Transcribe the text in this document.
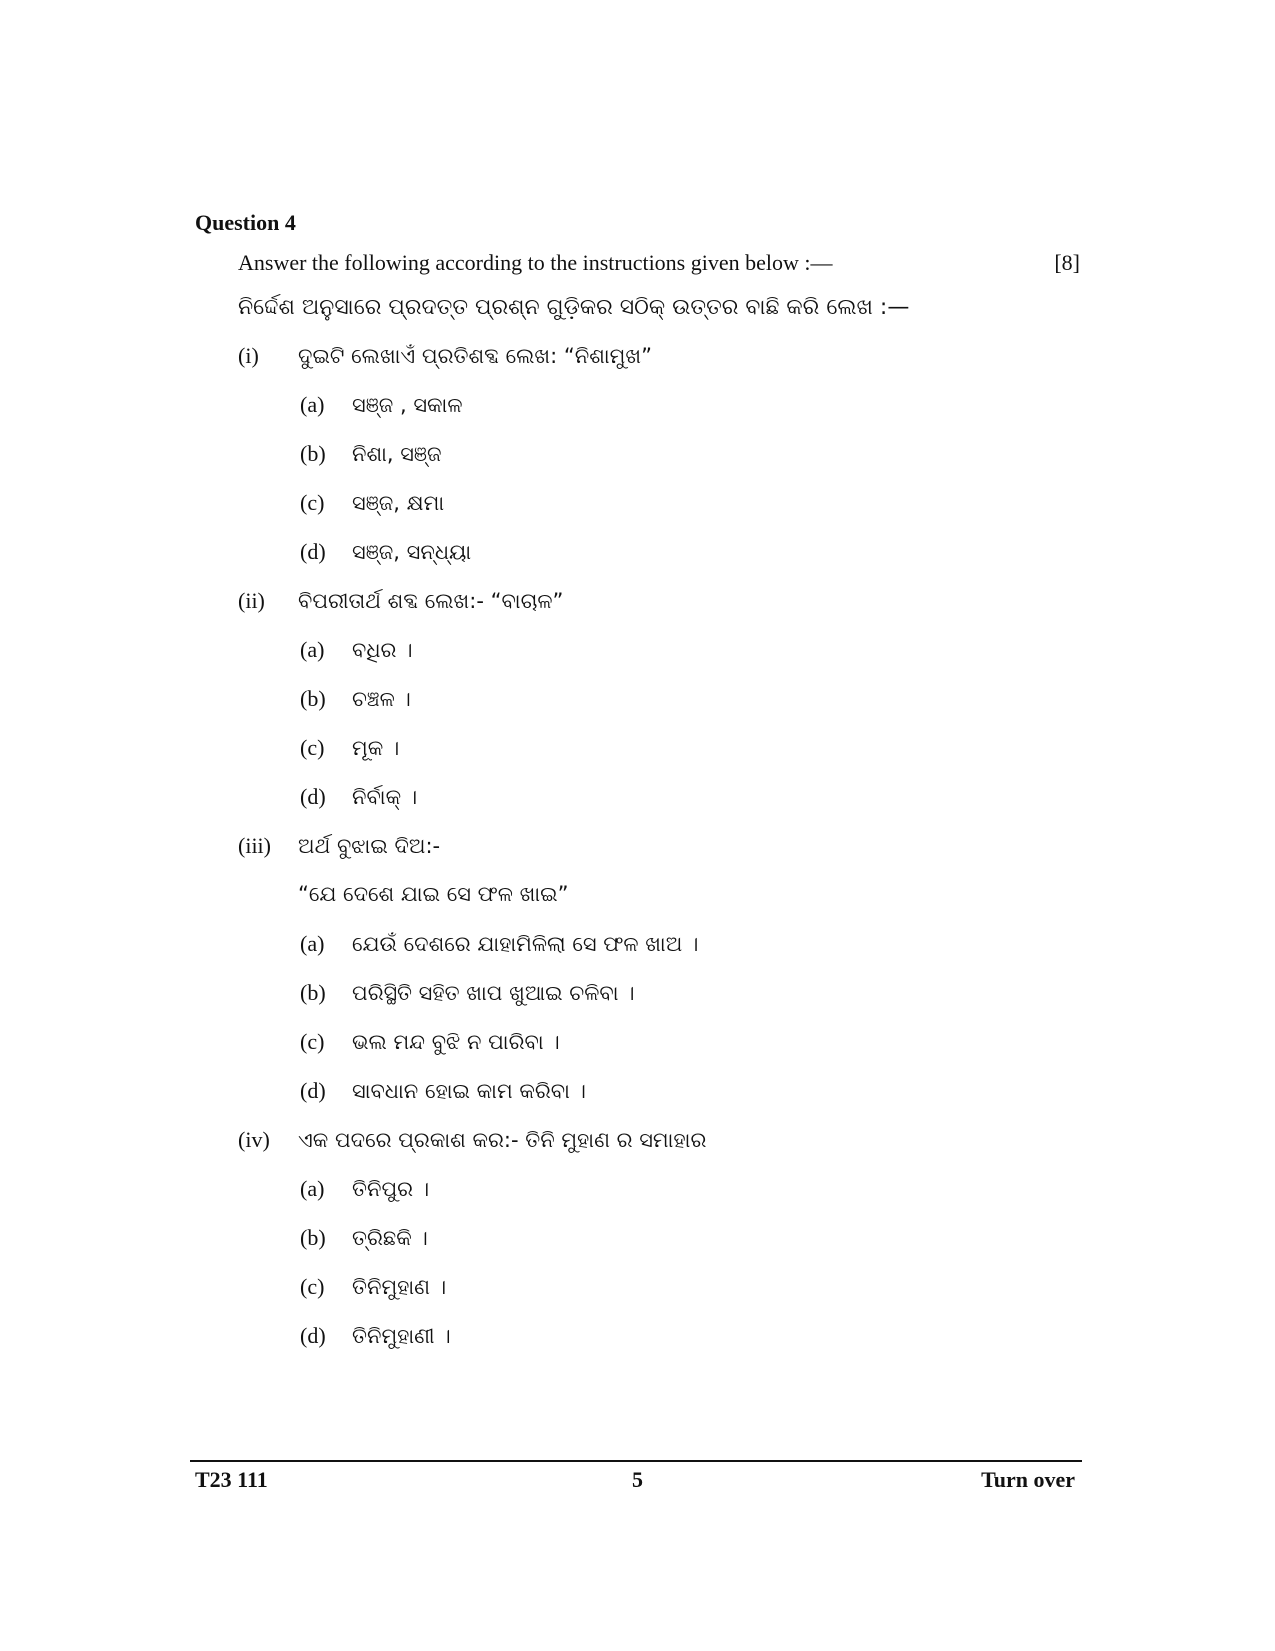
Question 4
Answer the following according to the instructions given below :—	[8]
ନିର୍ଦ୍ଦେଶ ଅନୁସାରେ ପ୍ରଦତ୍ତ ପ୍ରଶ୍ନ ଗୁଡ଼ିକର ସଠିକ୍ ଉତ୍ତର ବାଛି କରି ଲେଖ :—
(i)	ଦୁଇଟି ଲେଖାଏଁ ପ୍ରତିଶବ୍ଦ ଲେଖ: “ନିଶାମୁଖ”
(a)	ସଞ୍ଜ , ସକାଳ
(b)	ନିଶା, ସଞ୍ଜ
(c)	ସଞ୍ଜ, କ୍ଷମା
(d)	ସଞ୍ଜ, ସନ୍ଧ୍ୟା
(ii)	ବିପରୀତାର୍ଥ ଶବ୍ଦ ଲେଖ:- “ବାଚାଳ”
(a)	ବଧିର ।
(b)	ଚଞ୍ଚଳ ।
(c)	ମୂକ ।
(d)	ନିର୍ବାକ୍ ।
(iii)	ଅର୍ଥ ବୁଝାଇ ଦିଅ:-
“ଯେ ଦେଶେ ଯାଇ ସେ ଫଳ ଖାଇ”
(a)	ଯେଉଁ ଦେଶରେ ଯାହାମିଳିଲା ସେ ଫଳ ଖାଅ ।
(b)	ପରିସ୍ଥିତି ସହିତ ଖାପ ଖୁଆଇ ଚଳିବା ।
(c)	ଭଲ ମନ୍ଦ ବୁଝି ନ ପାରିବା ।
(d)	ସାବଧାନ ହୋଇ କାମ କରିବା ।
(iv)	ଏକ ପଦରେ ପ୍ରକାଶ କର:- ତିନି ମୁହାଣ ର ସମାହାର
(a)	ତିନିପୁର ।
(b)	ତ୍ରିଛକି ।
(c)	ତିନିମୁହାଣ ।
(d)	ତିନିମୁହାଣୀ ।
T23 111	5	Turn over
